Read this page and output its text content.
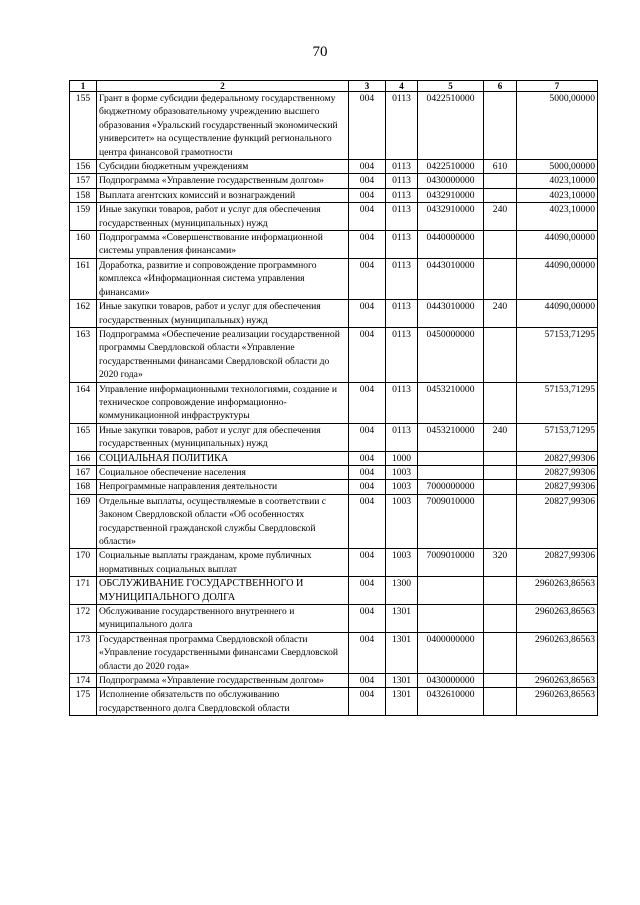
70
1	2	3	4	5	6	7
155	Грант в форме субсидии федеральному государственному бюджетному образовательному учреждению высшего образования «Уральский государственный экономический университет» на осуществление функций регионального центра финансовой грамотности	004	0113	0422510000		5000,00000
156	Субсидии бюджетным учреждениям	004	0113	0422510000	610	5000,00000
157	Подпрограмма «Управление государственным долгом»	004	0113	0430000000		4023,10000
158	Выплата агентских комиссий и вознаграждений	004	0113	0432910000		4023,10000
159	Иные закупки товаров, работ и услуг для обеспечения государственных (муниципальных) нужд	004	0113	0432910000	240	4023,10000
160	Подпрограмма «Совершенствование информационной системы управления финансами»	004	0113	0440000000		44090,00000
161	Доработка, развитие и сопровождение программного комплекса «Информационная система управления финансами»	004	0113	0443010000		44090,00000
162	Иные закупки товаров, работ и услуг для обеспечения государственных (муниципальных) нужд	004	0113	0443010000	240	44090,00000
163	Подпрограмма «Обеспечение реализации государственной программы Свердловской области «Управление государственными финансами Свердловской области до 2020 года»	004	0113	0450000000		57153,71295
164	Управление информационными технологиями, создание и техническое сопровождение информационно-коммуникационной инфраструктуры	004	0113	0453210000		57153,71295
165	Иные закупки товаров, работ и услуг для обеспечения государственных (муниципальных) нужд	004	0113	0453210000	240	57153,71295
166	СОЦИАЛЬНАЯ ПОЛИТИКА	004	1000			20827,99306
167	Социальное обеспечение населения	004	1003			20827,99306
168	Непрограммные направления деятельности	004	1003	7000000000		20827,99306
169	Отдельные выплаты, осуществляемые в соответствии с Законом Свердловской области «Об особенностях государственной гражданской службы Свердловской области»	004	1003	7009010000		20827,99306
170	Социальные выплаты гражданам, кроме публичных нормативных социальных выплат	004	1003	7009010000	320	20827,99306
171	ОБСЛУЖИВАНИЕ ГОСУДАРСТВЕННОГО И МУНИЦИПАЛЬНОГО ДОЛГА	004	1300			2960263,86563
172	Обслуживание государственного внутреннего и муниципального долга	004	1301			2960263,86563
173	Государственная программа Свердловской области «Управление государственными финансами Свердловской области до 2020 года»	004	1301	0400000000		2960263,86563
174	Подпрограмма «Управление государственным долгом»	004	1301	0430000000		2960263,86563
175	Исполнение обязательств по обслуживанию государственного долга Свердловской области	004	1301	0432610000		2960263,86563
